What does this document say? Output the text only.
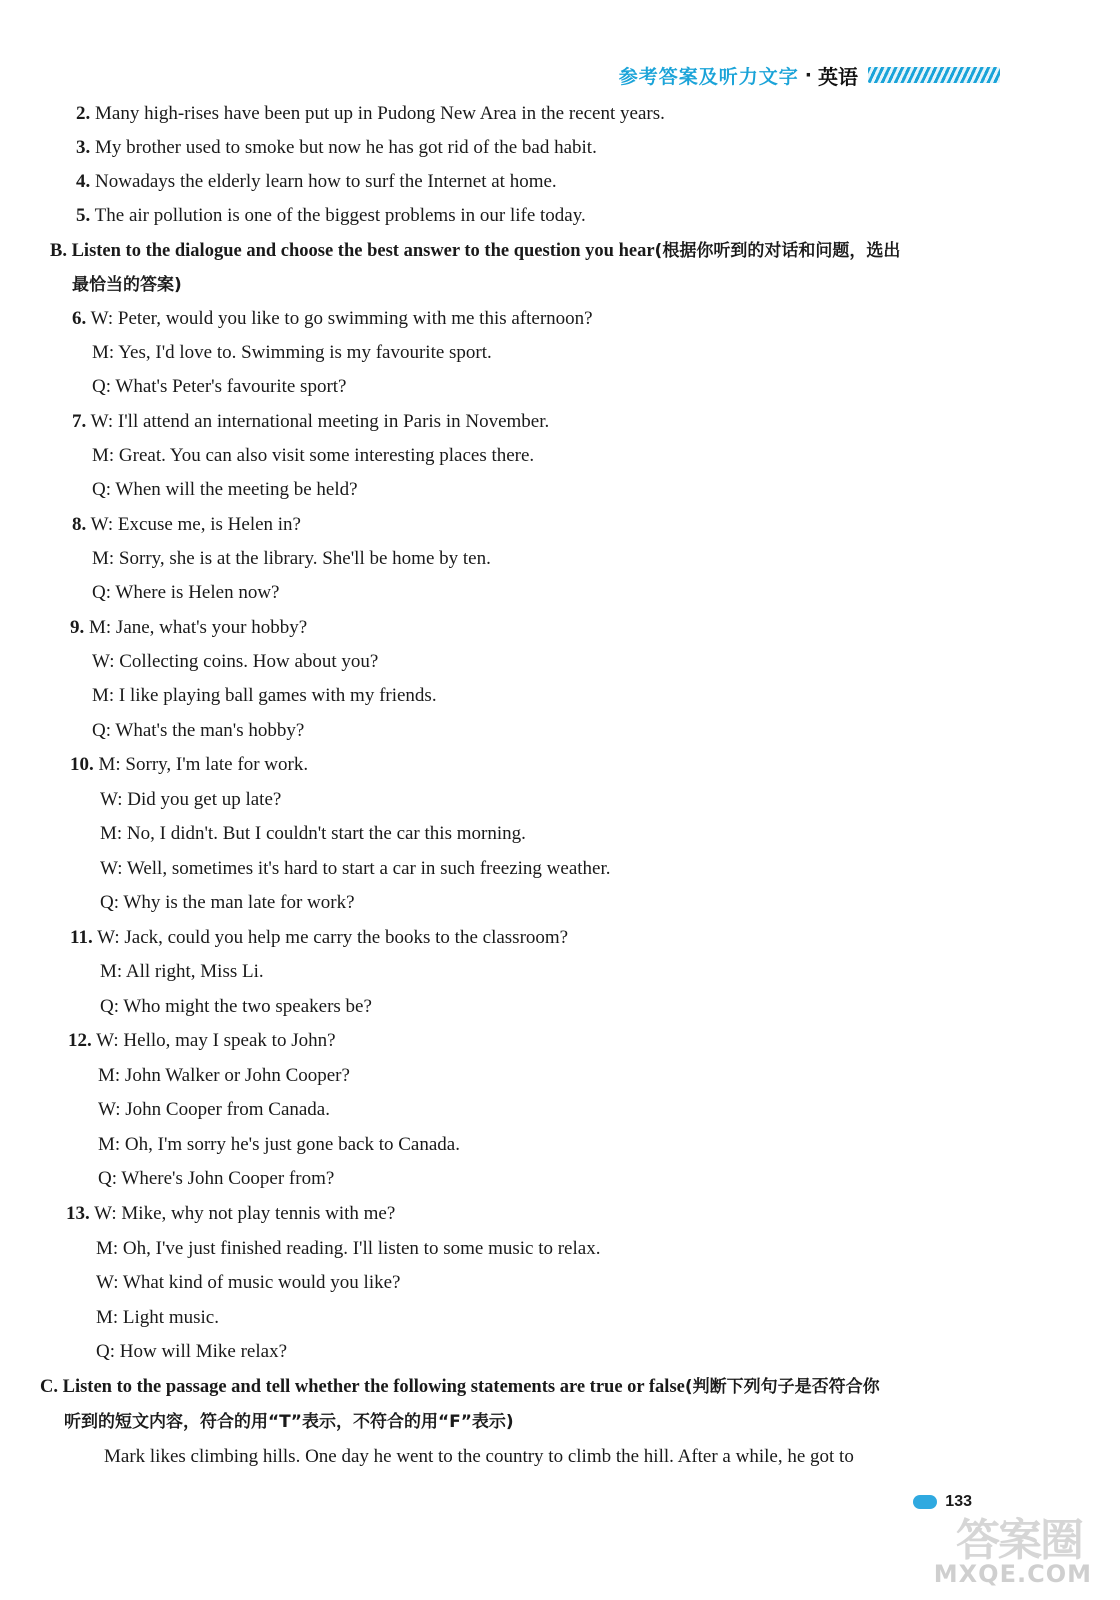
参考答案及听力文字 · 英语
2. Many high-rises have been put up in Pudong New Area in the recent years.
3. My brother used to smoke but now he has got rid of the bad habit.
4. Nowadays the elderly learn how to surf the Internet at home.
5. The air pollution is one of the biggest problems in our life today.
B. Listen to the dialogue and choose the best answer to the question you hear(根据你听到的对话和问题，选出
最恰当的答案)
6. W: Peter, would you like to go swimming with me this afternoon?
M: Yes, I'd love to. Swimming is my favourite sport.
Q: What's Peter's favourite sport?
7. W: I'll attend an international meeting in Paris in November.
M: Great. You can also visit some interesting places there.
Q: When will the meeting be held?
8. W: Excuse me, is Helen in?
M: Sorry, she is at the library. She'll be home by ten.
Q: Where is Helen now?
9. M: Jane, what's your hobby?
W: Collecting coins. How about you?
M: I like playing ball games with my friends.
Q: What's the man's hobby?
10. M: Sorry, I'm late for work.
W: Did you get up late?
M: No, I didn't. But I couldn't start the car this morning.
W: Well, sometimes it's hard to start a car in such freezing weather.
Q: Why is the man late for work?
11. W: Jack, could you help me carry the books to the classroom?
M: All right, Miss Li.
Q: Who might the two speakers be?
12. W: Hello, may I speak to John?
M: John Walker or John Cooper?
W: John Cooper from Canada.
M: Oh, I'm sorry he's just gone back to Canada.
Q: Where's John Cooper from?
13. W: Mike, why not play tennis with me?
M: Oh, I've just finished reading. I'll listen to some music to relax.
W: What kind of music would you like?
M: Light music.
Q: How will Mike relax?
C. Listen to the passage and tell whether the following statements are true or false(判断下列句子是否符合你
听到的短文内容，符合的用“T”表示，不符合的用“F”表示)
Mark likes climbing hills. One day he went to the country to climb the hill. After a while, he got to
133
答案圈
MXQE.COM
